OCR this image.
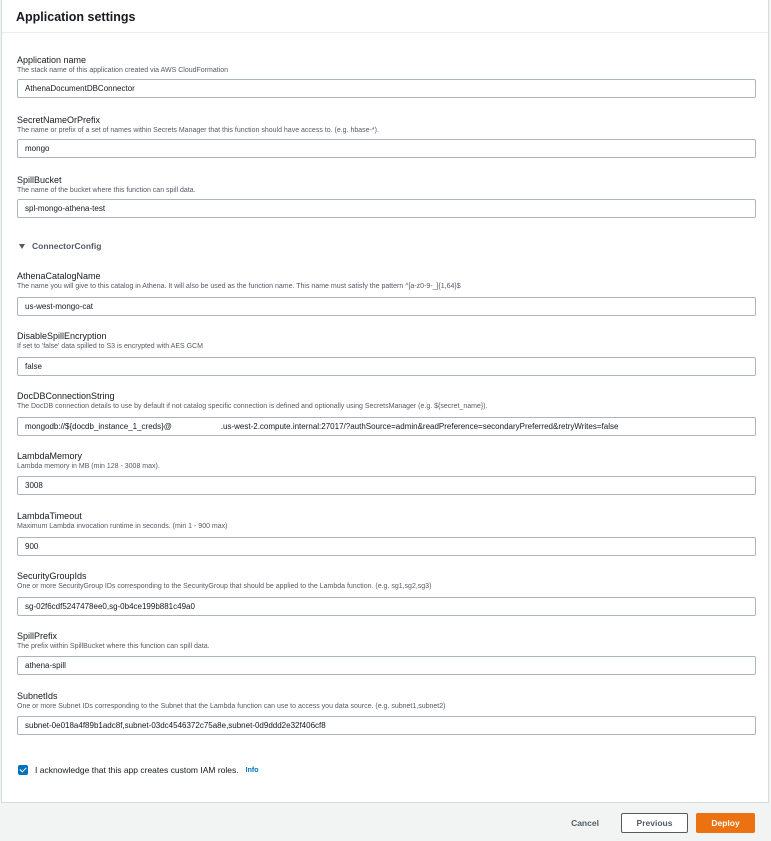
Application settings
Application name
The stack name of this application created via AWS CloudFormation
AthenaDocumentDBConnector
SecretNameOrPrefix
The name or prefix of a set of names within Secrets Manager that this function should have access to. (e.g. hbase-*).
mongo
SpillBucket
The name of the bucket where this function can spill data.
spl-mongo-athena-test
ConnectorConfig
AthenaCatalogName
The name you will give to this catalog in Athena. It will also be used as the function name. This name must satisfy the pattern ^[a-z0-9-_]{1,64}$
us-west-mongo-cat
DisableSpillEncryption
If set to 'false' data spilled to S3 is encrypted with AES GCM
false
DocDBConnectionString
The DocDB connection details to use by default if not catalog specific connection is defined and optionally using SecretsManager (e.g. ${secret_name}).
mongodb://${docdb_instance_1_creds}@ .us-west-2.compute.internal:27017/?authSource=admin&readPreference=secondaryPreferred&retryWrites=false
LambdaMemory
Lambda memory in MB (min 128 - 3008 max).
3008
LambdaTimeout
Maximum Lambda invocation runtime in seconds. (min 1 - 900 max)
900
SecurityGroupIds
One or more SecurityGroup IDs corresponding to the SecurityGroup that should be applied to the Lambda function. (e.g. sg1,sg2,sg3)
sg-02f6cdf5247478ee0,sg-0b4ce199b881c49a0
SpillPrefix
The prefix within SpillBucket where this function can spill data.
athena-spill
SubnetIds
One or more Subnet IDs corresponding to the Subnet that the Lambda function can use to access you data source. (e.g. subnet1,subnet2)
subnet-0e018a4f89b1adc8f,subnet-03dc4546372c75a8e,subnet-0d9ddd2e32f406cf8
I acknowledge that this app creates custom IAM roles. Info
Cancel	Previous	Deploy
